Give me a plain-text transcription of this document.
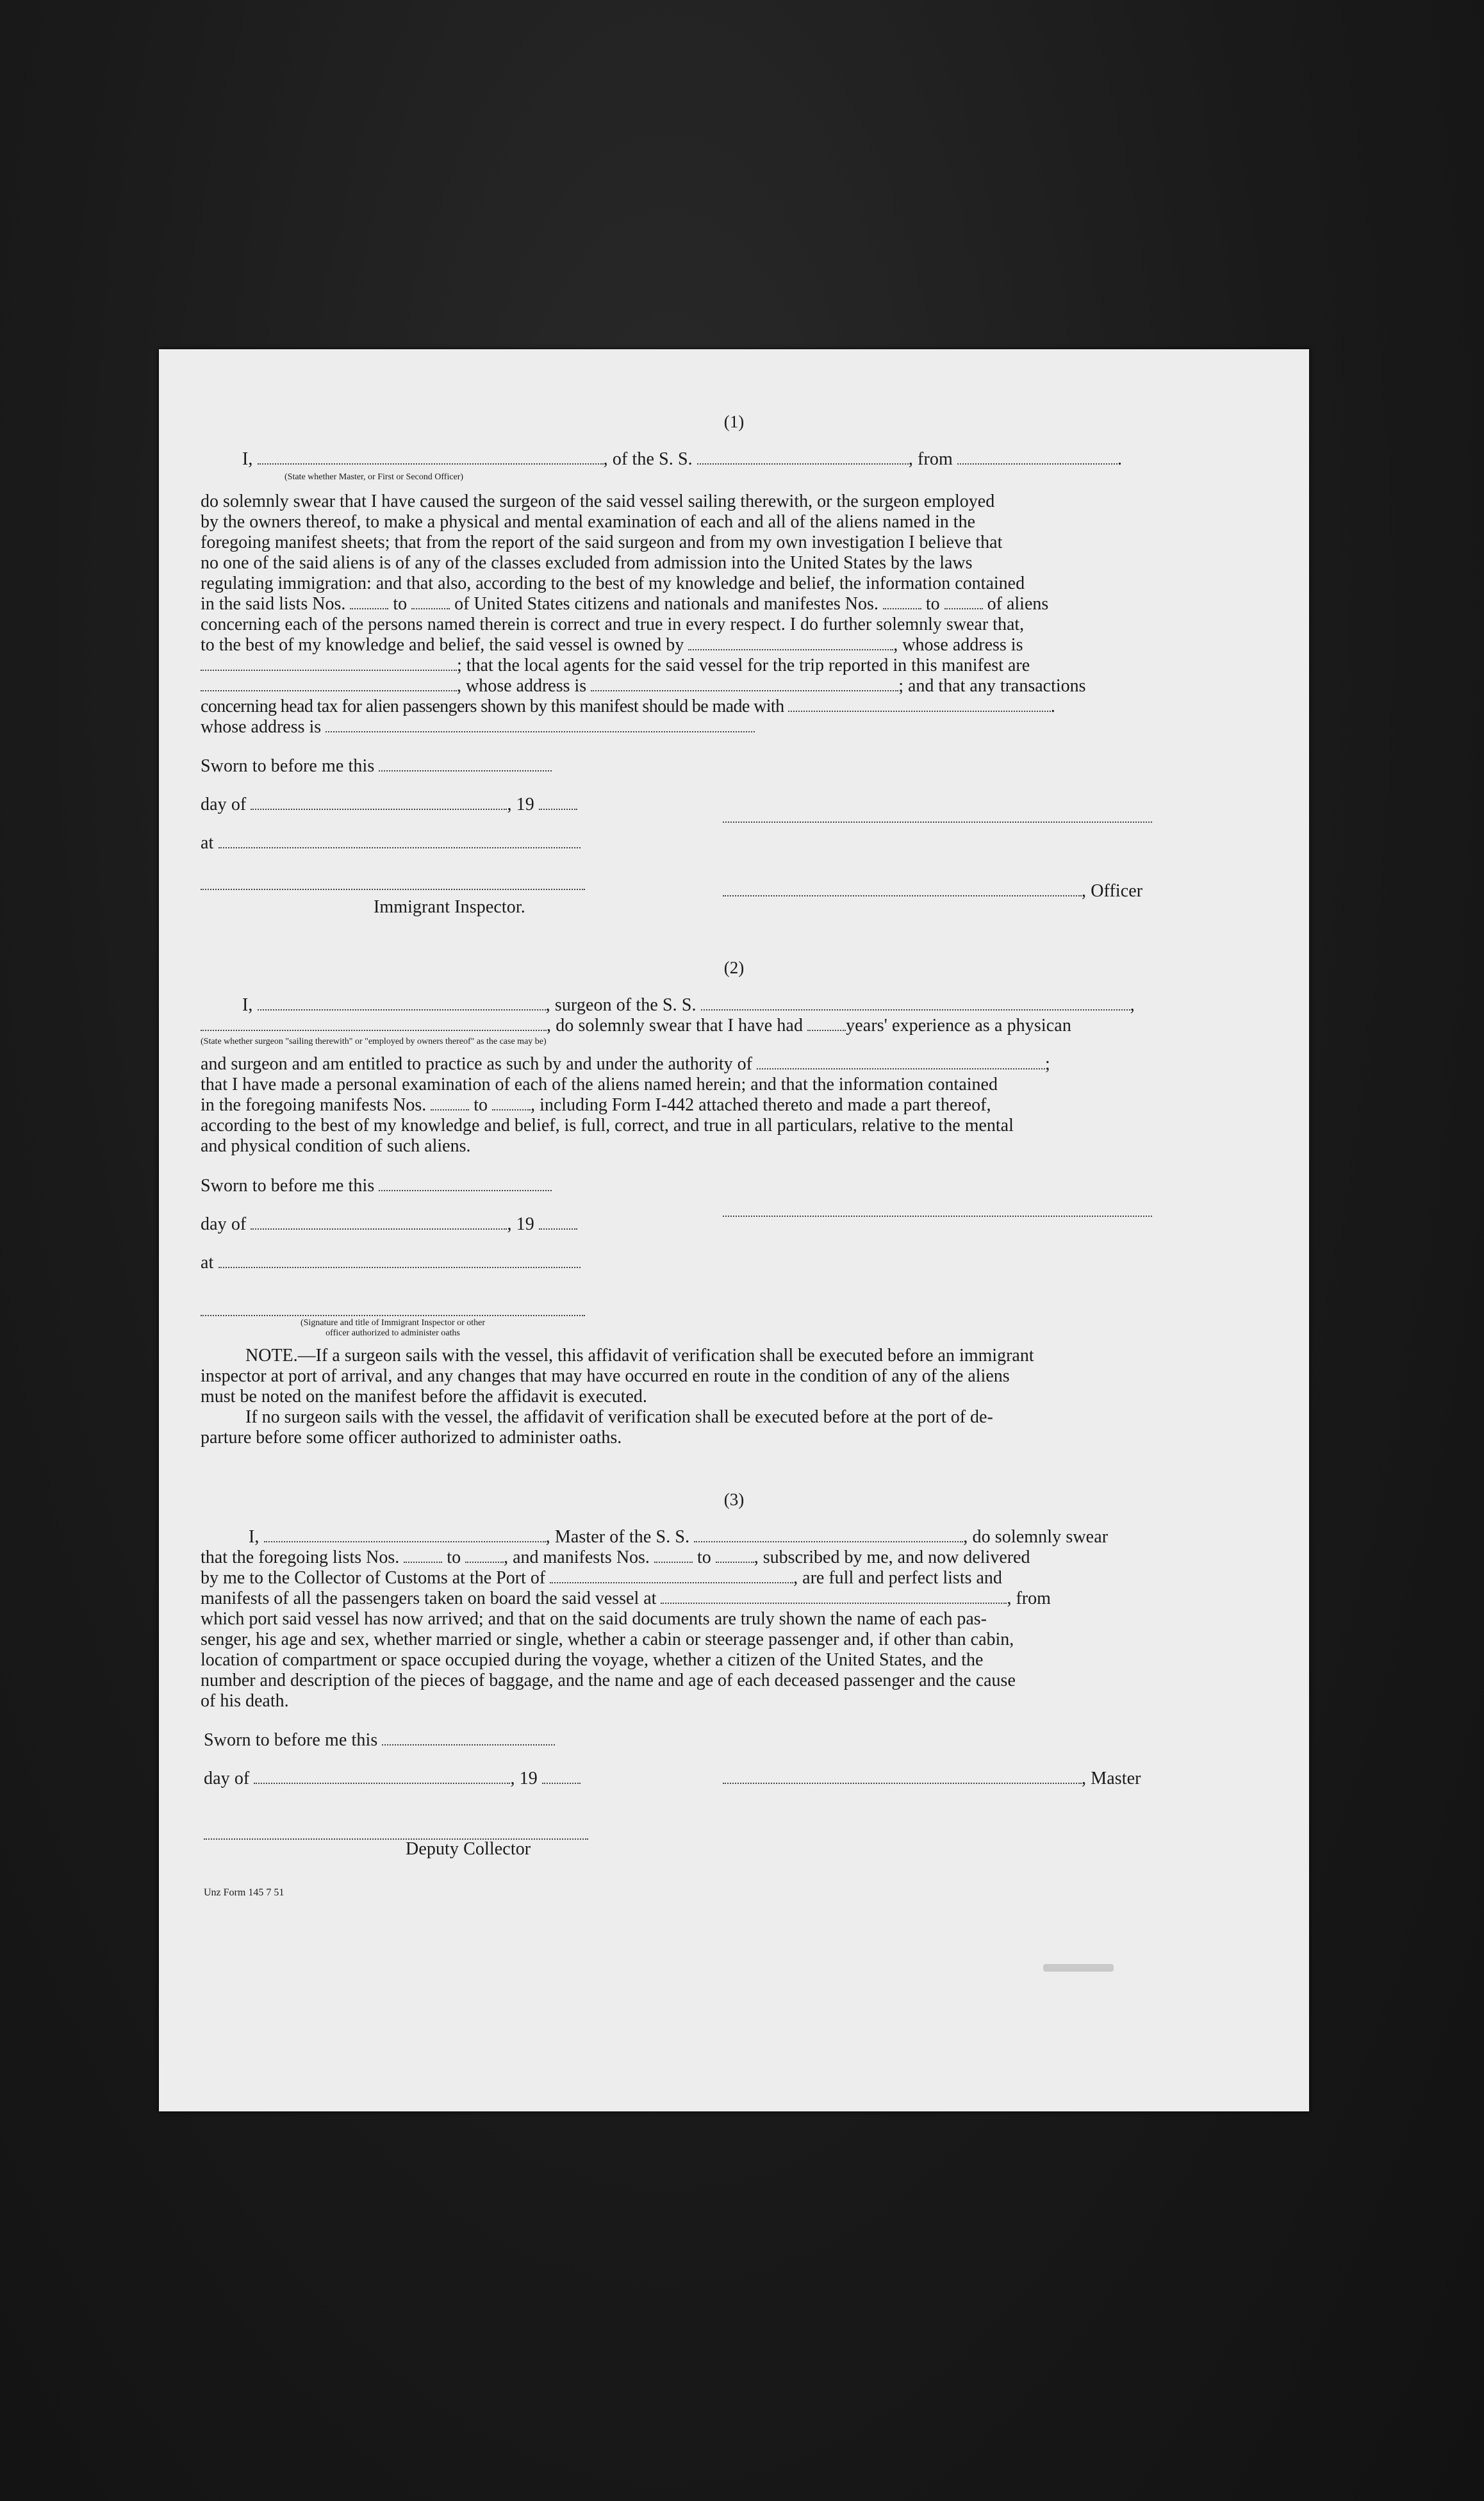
(1)
I,	, of the S. S.	, from	.
(State whether Master, or First or Second Officer)
do solemnly swear that I have caused the surgeon of the said vessel sailing therewith, or the surgeon employed
by the owners thereof, to make a physical and mental examination of each and all of the aliens named in the
foregoing manifest sheets; that from the report of the said surgeon and from my own investigation I believe that
no one of the said aliens is of any of the classes excluded from admission into the United States by the laws
regulating immigration: and that also, according to the best of my knowledge and belief, the information contained
in the said lists Nos.	to	of United States citizens and nationals and manifestes Nos.	to	of aliens
concerning each of the persons named therein is correct and true in every respect. I do further solemnly swear that,
to the best of my knowledge and belief, the said vessel is owned by	, whose address is
; that the local agents for the said vessel for the trip reported in this manifest are
, whose address is	; and that any transactions
concerning head tax for alien passengers shown by this manifest should be made with	.
whose address is
Sworn to before me this
day of	, 19
at
, Officer
Immigrant Inspector.
(2)
I,	, surgeon of the S. S.	,
, do solemnly swear that I have had years' experience as a physican
(State whether surgeon "sailing therewith" or "employed by owners thereof" as the case may be)
and surgeon and am entitled to practice as such by and under the authority of	;
that I have made a personal examination of each of the aliens named herein; and that the information contained
in the foregoing manifests Nos.	to , including Form I-442 attached thereto and made a part thereof,
according to the best of my knowledge and belief, is full, correct, and true in all particulars, relative to the mental
and physical condition of such aliens.
Sworn to before me this
day of	, 19
at
(Signature and title of Immigrant Inspector or other
officer authorized to administer oaths
NOTE.—If a surgeon sails with the vessel, this affidavit of verification shall be executed before an immigrant
inspector at port of arrival, and any changes that may have occurred en route in the condition of any of the aliens
must be noted on the manifest before the affidavit is executed.
If no surgeon sails with the vessel, the affidavit of verification shall be executed before at the port of de-
parture before some officer authorized to administer oaths.
(3)
I,	, Master of the S. S.	, do solemnly swear
that the foregoing lists Nos.	to , and manifests Nos.	to , subscribed by me, and now delivered
by me to the Collector of Customs at the Port of	, are full and perfect lists and
manifests of all the passengers taken on board the said vessel at	, from
which port said vessel has now arrived; and that on the said documents are truly shown the name of each pas-
senger, his age and sex, whether married or single, whether a cabin or steerage passenger and, if other than cabin,
location of compartment or space occupied during the voyage, whether a citizen of the United States, and the
number and description of the pieces of baggage, and the name and age of each deceased passenger and the cause
of his death.
Sworn to before me this
day of	, 19	, Master
Deputy Collector
Unz Form 145 7 51
